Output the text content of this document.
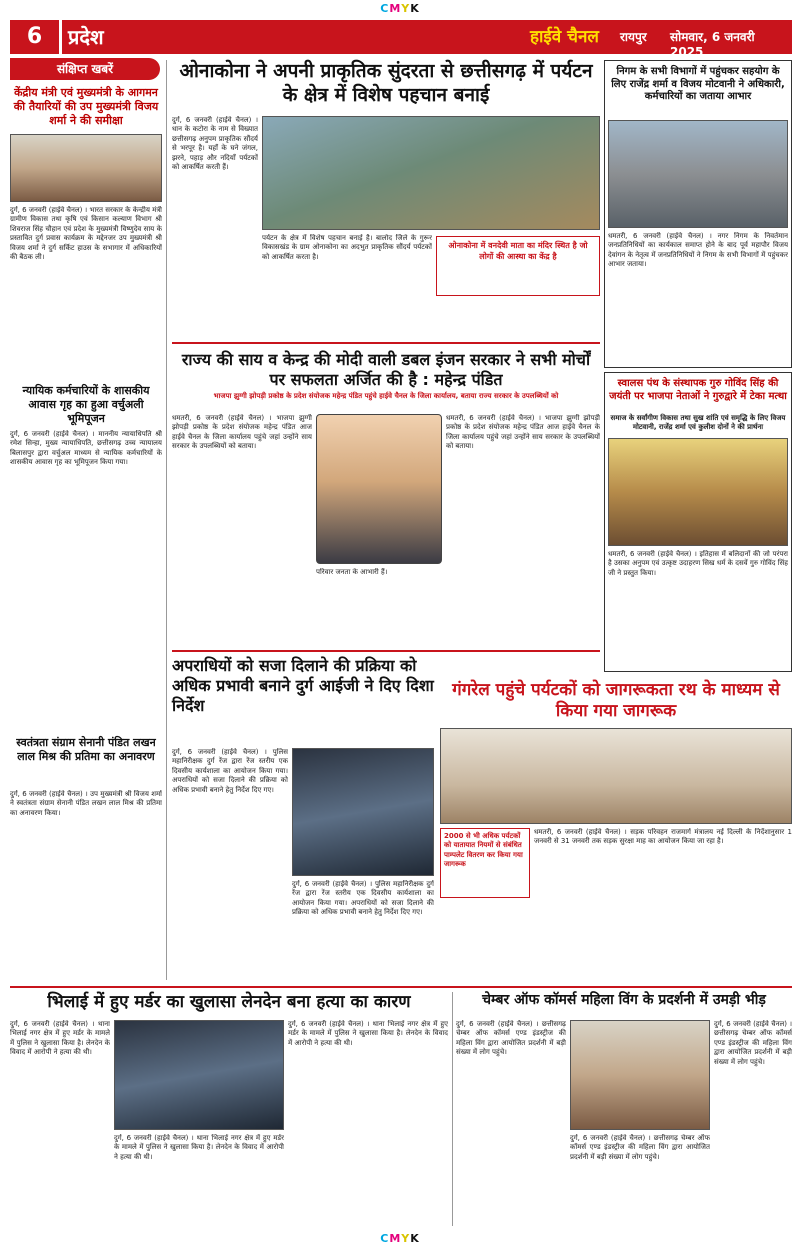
CMYK
6	प्रदेश	हाईवे चैनल रायपुर सोमवार, 6 जनवरी 2025
संक्षिप्त खबरें
केंद्रीय मंत्री एवं मुख्यमंत्री के आगमन की तैयारियों की उप मुख्यमंत्री विजय शर्मा ने की समीक्षा
दुर्ग, 6 जनवरी (हाईवे चैनल) । भारत सरकार के केन्द्रीय मंत्री ग्रामीण विकास तथा कृषि एवं किसान कल्याण विभाग श्री शिवराज सिंह चौहान एवं प्रदेश के मुख्यमंत्री विष्णुदेव साय के प्रस्तावित दुर्ग प्रवास कार्यक्रम के मद्देनजर उप मुख्यमंत्री श्री विजय शर्मा ने दुर्ग सर्किट हाउस के सभागार में अधिकारियों की बैठक ली।
न्यायिक कर्मचारियों के शासकीय आवास गृह का हुआ वर्चुअली भूमिपूजन
दुर्ग, 6 जनवरी (हाईवे चैनल) । माननीय न्यायाधिपति श्री रमेश सिन्हा, मुख्य न्यायाधिपति, छत्तीसगढ़ उच्च न्यायालय बिलासपुर द्वारा वर्चुअल माध्यम से न्यायिक कर्मचारियों के शासकीय आवास गृह का भूमिपूजन किया गया।
स्वतंत्रता संग्राम सेनानी पंडित लखन लाल मिश्र की प्रतिमा का अनावरण
दुर्ग, 6 जनवरी (हाईवे चैनल) । उप मुख्यमंत्री श्री विजय शर्मा ने स्वतंत्रता संग्राम सेनानी पंडित लखन लाल मिश्र की प्रतिमा का अनावरण किया।
ओनाकोना ने अपनी प्राकृतिक सुंदरता से छत्तीसगढ़ में पर्यटन के क्षेत्र में विशेष पहचान बनाई
दुर्ग, 6 जनवरी (हाईवे चैनल) । धान के कटोरा के नाम से विख्यात छत्तीसगढ़ अनुपम प्राकृतिक सौंदर्य से भरपूर है। यहाँ के घने जंगल, झरने, पहाड़ और नदियाँ पर्यटकों को आकर्षित करती हैं।
पर्यटन के क्षेत्र में विशेष पहचान बनाई है। बालोद जिले के गुरूर विकासखंड के ग्राम ओनाकोना का अदभुत प्राकृतिक सौंदर्य पर्यटकों को आकर्षित करता है।
ओनाकोना में वनदेवी माता का मंदिर स्थित है जो लोगों की आस्था का केंद्र है
निगम के सभी विभागों में पहुंचकर सहयोग के लिए राजेंद्र शर्मा व विजय मोटवानी ने अधिकारी, कर्मचारियों का जताया आभार
धमतरी, 6 जनवरी (हाईवे चैनल) । नगर निगम के निवर्तमान जनप्रतिनिधियों का कार्यकाल समाप्त होने के बाद पूर्व महापौर विजय देवांगन के नेतृत्व में जनप्रतिनिधियों ने निगम के सभी विभागों में पहुंचकर आभार जताया।
स्वालस पंथ के संस्थापक गुरु गोविंद सिंह की जयंती पर भाजपा नेताओं ने गुरुद्वारे में टेका मत्था
समाज के सर्वांगीण विकास तथा सुख शांति एवं समृद्धि के लिए विजय मोटवानी, राजेंद्र शर्मा एवं कुलीश दोनों ने की प्रार्थना
धमतरी, 6 जनवरी (हाईवे चैनल) । इतिहास में बलिदानों की जो परंपरा है उसका अनुपम एवं उत्कृष्ट उदाहरण सिख धर्म के दसवें गुरु गोविंद सिंह जी ने प्रस्तुत किया।
राज्य की साय व केन्द्र की मोदी वाली डबल इंजन सरकार ने सभी मोर्चों पर सफलता अर्जित की है : महेन्द्र पंडित
भाजपा झुग्गी झोपड़ी प्रकोष्ठ के प्रदेश संयोजक महेन्द्र पंडित पहुंचे हाईवे चैनल के जिला कार्यालय, बताया राज्य सरकार के उपलब्धियों को
धमतरी, 6 जनवरी (हाईवे चैनल) । भाजपा झुग्गी झोपड़ी प्रकोष्ठ के प्रदेश संयोजक महेन्द्र पंडित आज हाईवे चैनल के जिला कार्यालय पहुंचे जहां उन्होंने साय सरकार के उपलब्धियों को बताया।
परिवार जनता के आभारी हैं।
धमतरी, 6 जनवरी (हाईवे चैनल) । भाजपा झुग्गी झोपड़ी प्रकोष्ठ के प्रदेश संयोजक महेन्द्र पंडित आज हाईवे चैनल के जिला कार्यालय पहुंचे जहां उन्होंने साय सरकार के उपलब्धियों को बताया।
अपराधियों को सजा दिलाने की प्रक्रिया को अधिक प्रभावी बनाने दुर्ग आईजी ने दिए दिशा निर्देश
दुर्ग, 6 जनवरी (हाईवे चैनल) । पुलिस महानिरीक्षक दुर्ग रेंज द्वारा रेंज स्तरीय एक दिवसीय कार्यशाला का आयोजन किया गया। अपराधियों को सजा दिलाने की प्रक्रिया को अधिक प्रभावी बनाने हेतु निर्देश दिए गए।
दुर्ग, 6 जनवरी (हाईवे चैनल) । पुलिस महानिरीक्षक दुर्ग रेंज द्वारा रेंज स्तरीय एक दिवसीय कार्यशाला का आयोजन किया गया। अपराधियों को सजा दिलाने की प्रक्रिया को अधिक प्रभावी बनाने हेतु निर्देश दिए गए।
गंगरेल पहुंचे पर्यटकों को जागरूकता रथ के माध्यम से किया गया जागरूक
2000 से भी अधिक पर्यटकों को यातायात नियमों से संबंधित पाम्पलेट वितरण कर किया गया जागरूक
धमतरी, 6 जनवरी (हाईवे चैनल) । सड़क परिवहन राजमार्ग मंत्रालय नई दिल्ली के निर्देशानुसार 1 जनवरी से 31 जनवरी तक सड़क सुरक्षा माह का आयोजन किया जा रहा है।
भिलाई में हुए मर्डर का खुलासा लेनदेन बना हत्या का कारण
दुर्ग, 6 जनवरी (हाईवे चैनल) । थाना भिलाई नगर क्षेत्र में हुए मर्डर के मामले में पुलिस ने खुलासा किया है। लेनदेन के विवाद में आरोपी ने हत्या की थी।
दुर्ग, 6 जनवरी (हाईवे चैनल) । थाना भिलाई नगर क्षेत्र में हुए मर्डर के मामले में पुलिस ने खुलासा किया है। लेनदेन के विवाद में आरोपी ने हत्या की थी।
दुर्ग, 6 जनवरी (हाईवे चैनल) । थाना भिलाई नगर क्षेत्र में हुए मर्डर के मामले में पुलिस ने खुलासा किया है। लेनदेन के विवाद में आरोपी ने हत्या की थी।
चेम्बर ऑफ कॉमर्स महिला विंग के प्रदर्शनी में उमड़ी भीड़
दुर्ग, 6 जनवरी (हाईवे चैनल) । छत्तीसगढ़ चेम्बर ऑफ कॉमर्स एण्ड इंडस्ट्रीज की महिला विंग द्वारा आयोजित प्रदर्शनी में बड़ी संख्या में लोग पहुंचे।
दुर्ग, 6 जनवरी (हाईवे चैनल) । छत्तीसगढ़ चेम्बर ऑफ कॉमर्स एण्ड इंडस्ट्रीज की महिला विंग द्वारा आयोजित प्रदर्शनी में बड़ी संख्या में लोग पहुंचे।
दुर्ग, 6 जनवरी (हाईवे चैनल) । छत्तीसगढ़ चेम्बर ऑफ कॉमर्स एण्ड इंडस्ट्रीज की महिला विंग द्वारा आयोजित प्रदर्शनी में बड़ी संख्या में लोग पहुंचे।
CMYK
